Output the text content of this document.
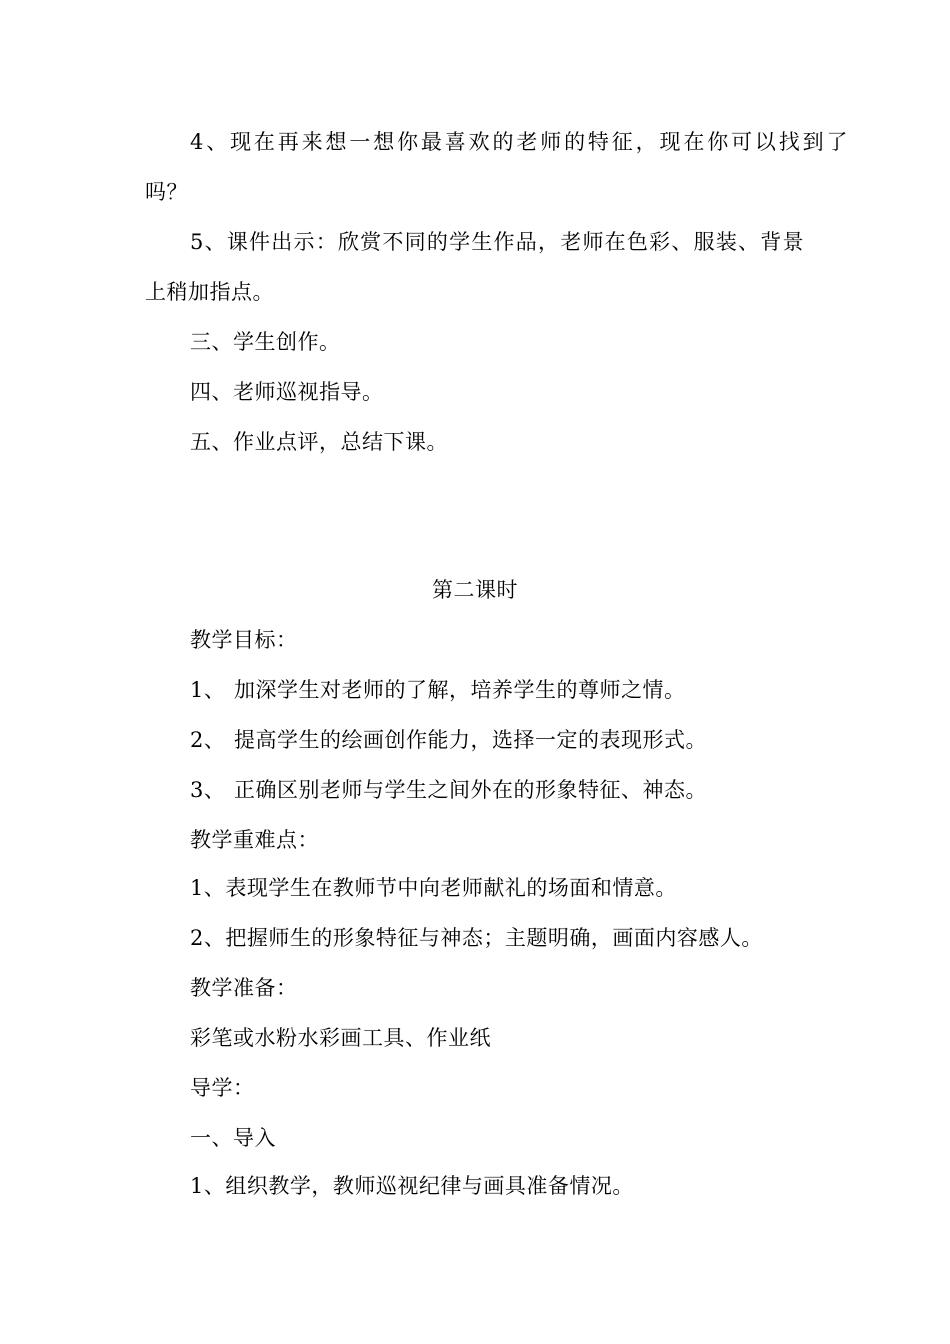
4、现在再来想一想你最喜欢的老师的特征，现在你可以找到了
吗？
5、课件出示：欣赏不同的学生作品，老师在色彩、服装、背景
上稍加指点。
三、学生创作。
四、老师巡视指导。
五、作业点评，总结下课。
第二课时
教学目标：
1、 加深学生对老师的了解，培养学生的尊师之情。
2、 提高学生的绘画创作能力，选择一定的表现形式。
3、 正确区别老师与学生之间外在的形象特征、神态。
教学重难点：
1、表现学生在教师节中向老师献礼的场面和情意。
2、把握师生的形象特征与神态；主题明确，画面内容感人。
教学准备：
彩笔或水粉水彩画工具、作业纸
导学：
一、导入
1、组织教学，教师巡视纪律与画具准备情况。
